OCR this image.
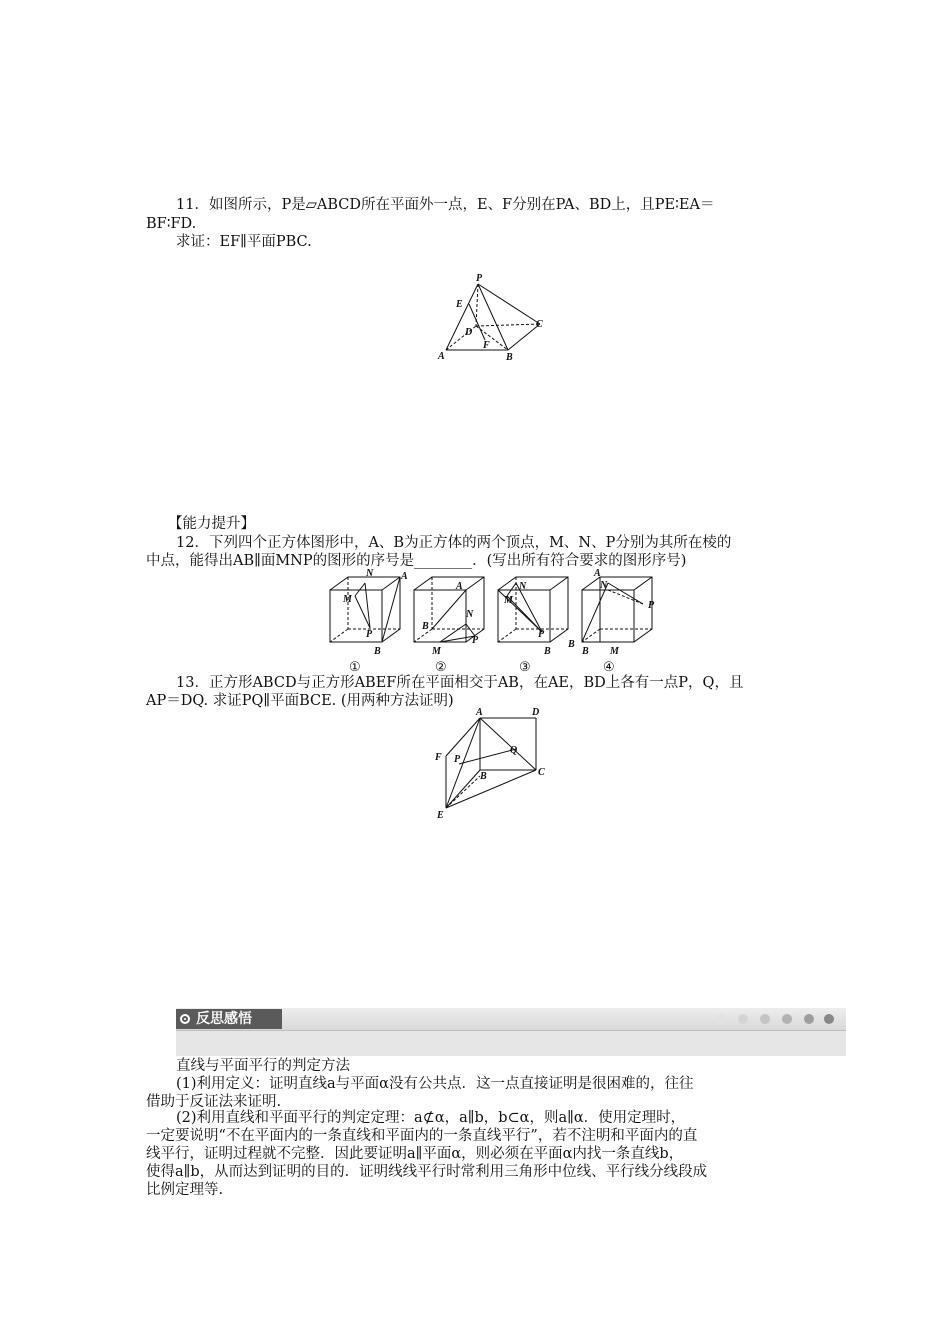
11．如图所示，P是▱ABCD所在平面外一点，E、F分别在PA、BD上，且PE∶EA＝
BF∶FD.
求证：EF∥平面PBC.
P
E
D
C
F
A	B
【能力提升】
12．下列四个正方体图形中，A、B为正方体的两个顶点，M、N、P分别为其所在棱的
中点，能得出AB∥面MNP的图形的序号是________．(写出所有符合要求的图形序号)
N	A
M
P
B
①
A
N
B
P
M
②
N
M
P
B
B
③
A
N
P
B M
④
13．正方形ABCD与正方形ABEF所在平面相交于AB，在AE，BD上各有一点P，Q，且
AP＝DQ. 求证PQ∥平面BCE. (用两种方法证明)
A	D
F P
Q
B	C
E
反思感悟
直线与平面平行的判定方法
(1)利用定义：证明直线a与平面α没有公共点．这一点直接证明是很困难的，往往
借助于反证法来证明.
(2)利用直线和平面平行的判定定理：a⊄α，a∥b，b⊂α，则a∥α．使用定理时，
一定要说明“不在平面内的一条直线和平面内的一条直线平行”，若不注明和平面内的直
线平行，证明过程就不完整．因此要证明a∥平面α，则必须在平面α内找一条直线b，
使得a∥b，从而达到证明的目的．证明线线平行时常利用三角形中位线、平行线分线段成
比例定理等.
